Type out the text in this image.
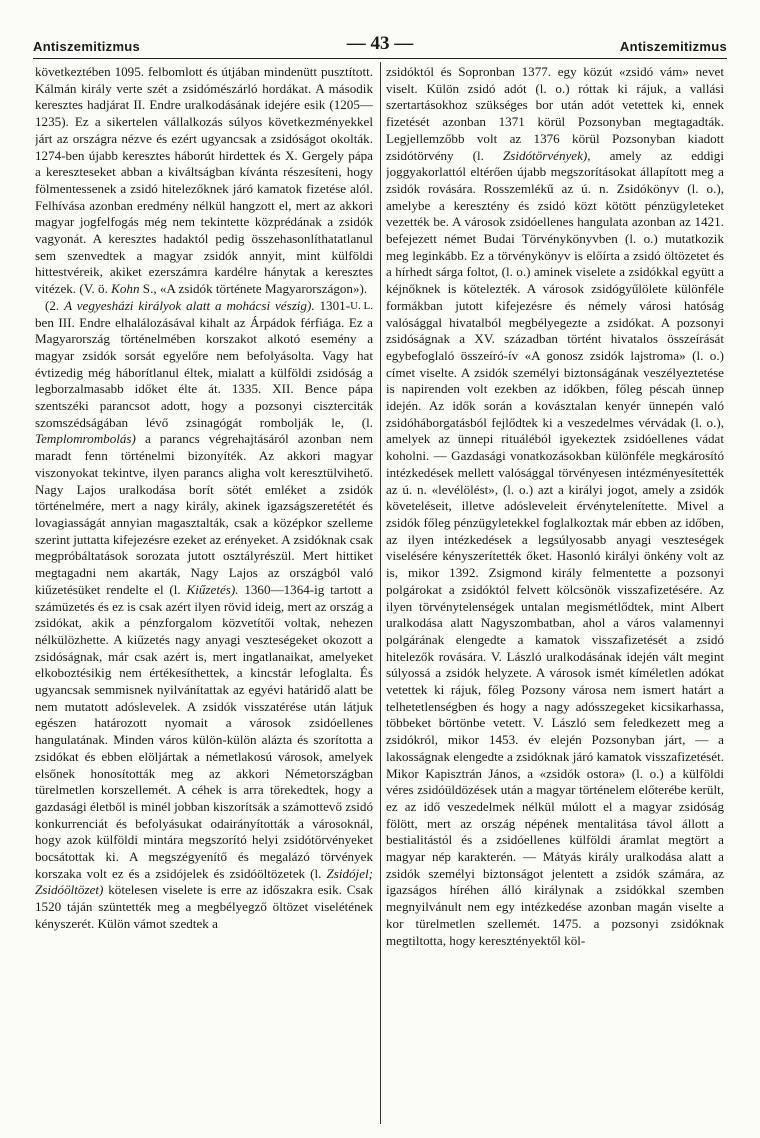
Antiszemitizmus	— 43 —	Antiszemitizmus

következtében 1095. felbomlott és útjában mindenütt pusztított. Kálmán király verte szét a zsidómészárló hordákat. A második keresztes hadjárat II. Endre uralkodásának idejére esik (1205—1235). Ez a sikertelen vállalkozás súlyos következményekkel járt az országra nézve és ezért ugyancsak a zsidóságot okolták. 1274-ben újabb keresztes háborút hirdettek és X. Gergely pápa a kereszteseket abban a kiváltságban kívánta részesíteni, hogy fölmentessenek a zsidó hitelezőknek járó kamatok fizetése alól. Felhívása azonban eredmény nélkül hangzott el, mert az akkori magyar jogfelfogás még nem tekintette közprédának a zsidók vagyonát. A keresztes hadaktól pedig összehasonlíthatatlanul sem szenvedtek a magyar zsidók annyit, mint külföldi hittestvéreik, akiket ezerszámra kardélre hánytak a keresztes vitézek. (V. ö. Kohn S., «A zsidók története Magyarországon»).
U. L.

(2. A vegyesházi királyok alatt a mohácsi vészig). 1301-ben III. Endre elhalálozásával kihalt az Árpádok férfiága. Ez a Magyarország történelmében korszakot alkotó esemény a magyar zsidók sorsát egyelőre nem befolyásolta. Vagy hat évtizedig még háborítlanul éltek, mialatt a külföldi zsidóság a legborzalmasabb időket élte át. 1335. XII. Bence pápa szentszéki parancsot adott, hogy a pozsonyi ciszterciták szomszédságában lévő zsinagógát rombolják le, (l. Templomrombolás) a parancs végrehajtásáról azonban nem maradt fenn történelmi bizonyíték. Az akkori magyar viszonyokat tekintve, ilyen parancs aligha volt keresztülvihető. Nagy Lajos uralkodása borít sötét emléket a zsidók történelmére, mert a nagy király, akinek igazságszeretétét és lovagiasságát annyian magasztalták, csak a középkor szelleme szerint juttatta kifejezésre ezeket az erényeket. A zsidóknak csak megpróbáltatások sorozata jutott osztályrészül. Mert hittiket megtagadni nem akarták, Nagy Lajos az országból való kiűzetésüket rendelte el (l. Kiűzetés). 1360—1364-ig tartott a számüzetés és ez is csak azért ilyen rövid ideig, mert az ország a zsidókat, akik a pénzforgalom közvetítői voltak, nehezen nélkülözhette. A kiűzetés nagy anyagi veszteségeket okozott a zsidóságnak, már csak azért is, mert ingatlanaikat, amelyeket elkoboztésikig nem értékesíthettek, a kincstár lefoglalta. És ugyancsak semmisnek nyilvánítattak az egyévi határidő alatt be nem mutatott adóslevelek. A zsidók visszatérése után látjuk egészen határozott nyomait a városok zsidóellenes hangulatának. Minden város külön-külön alázta és szorította a zsidókat és ebben elöljártak a németlakosú városok, amelyek elsőnek honosították meg az akkori Németországban türelmetlen korszellemét. A céhek is arra törekedtek, hogy a gazdasági életből is minél jobban kiszorítsák a számottevő zsidó konkurrenciát és befolyásukat odairányították a városoknál, hogy azok külföldi mintára megszorító helyi zsidótörvényeket bocsátottak ki. A megszégyenítő és megalázó törvények korszaka volt ez és a zsidójelek és zsidóöltözetek (l. Zsidójel; Zsidóöltözet) kötelesen viselete is erre az időszakra esik. Csak 1520 táján szüntették meg a megbélyegző öltözet viselétének kényszerét. Külön vámot szedtek a

zsidóktól és Sopronban 1377. egy közút «zsidó vám» nevet viselt. Külön zsidó adót (l. o.) róttak ki rájuk, a vallási szertartásokhoz szükséges bor után adót vetettek ki, ennek fizetését azonban 1371 körül Pozsonyban megtagadták. Legjellemzőbb volt az 1376 körül Pozsonyban kiadott zsidótörvény (l. Zsidótörvények), amely az eddigi joggyakorlattól eltérően újabb megszorításokat állapított meg a zsidók rovására. Rosszemlékű az ú. n. Zsidókönyv (l. o.), amelybe a keresztény és zsidó közt kötött pénzügyleteket vezették be. A városok zsidóellenes hangulata azonban az 1421. befejezett német Budai Törvénykönyvben (l. o.) mutatkozik meg leginkább. Ez a törvénykönyv is előírta a zsidó öltözetet és a hírhedt sárga foltot, (l. o.) aminek viselete a zsidókkal együtt a kéjnőknek is kötelezték. A városok zsidógyűlölete különféle formákban jutott kifejezésre és némely városi hatóság valósággal hivatalból megbélyegezte a zsidókat. A pozsonyi zsidóságnak a XV. században történt hivatalos összeírását egybefoglaló összeíró-ív «A gonosz zsidók lajstroma» (l. o.) címet viselte. A zsidók személyi biztonságának veszélyeztetése is napirenden volt ezekben az időkben, főleg péscah ünnep idején. Az idők során a kovásztalan kenyér ünnepén való zsidóháborgatásból fejlődtek ki a veszedelmes vérvádak (l. o.), amelyek az ünnepi rituáléból igyekeztek zsidóellenes vádat koholni. — Gazdasági vonatkozásokban különféle megkárosító intézkedések mellett valósággal törvényesen intézményesítették az ú. n. «levélölést», (l. o.) azt a királyi jogot, amely a zsidók követeléseit, illetve adósleveleit érvénytelenítette. Mivel a zsidók főleg pénzügyletekkel foglalkoztak már ebben az időben, az ilyen intézkedések a legsúlyosabb anyagi veszteségek viselésére kényszerítették őket. Hasonló királyi önkény volt az is, mikor 1392. Zsigmond király felmentette a pozsonyi polgárokat a zsidóktól felvett kölcsönök visszafizetésére. Az ilyen törvénytelenségek untalan megismétlődtek, mint Albert uralkodása alatt Nagyszombatban, ahol a város valamennyi polgárának elengedte a kamatok visszafizetését a zsidó hitelezők rovására. V. László uralkodásának idején vált megint súlyossá a zsidók helyzete. A városok ismét kíméletlen adókat vetettek ki rájuk, főleg Pozsony városa nem ismert határt a telhetetlenségben és hogy a nagy adósszegeket kicsikarhassa, többeket börtönbe vetett. V. László sem feledkezett meg a zsidókról, mikor 1453. év elején Pozsonyban járt, — a lakosságnak elengedte a zsidóknak járó kamatok visszafizetését. Mikor Kapisztrán János, a «zsidók ostora» (l. o.) a külföldi véres zsidóüldözések után a magyar történelem előterébe került, ez az idő veszedelmek nélkül múlott el a magyar zsidóság fölött, mert az ország népének mentalitása távol állott a bestialitástól és a zsidóellenes külföldi áramlat megtört a magyar nép karakterén. — Mátyás király uralkodása alatt a zsidók személyi biztonságot jelentett a zsidók számára, az igazságos híréhen álló királynak a zsidókkal szemben megnyilvánult nem egy intézkedése azonban magán viselte a kor türelmetlen szellemét. 1475. a pozsonyi zsidóknak megtiltotta, hogy keresztényektől köl-
